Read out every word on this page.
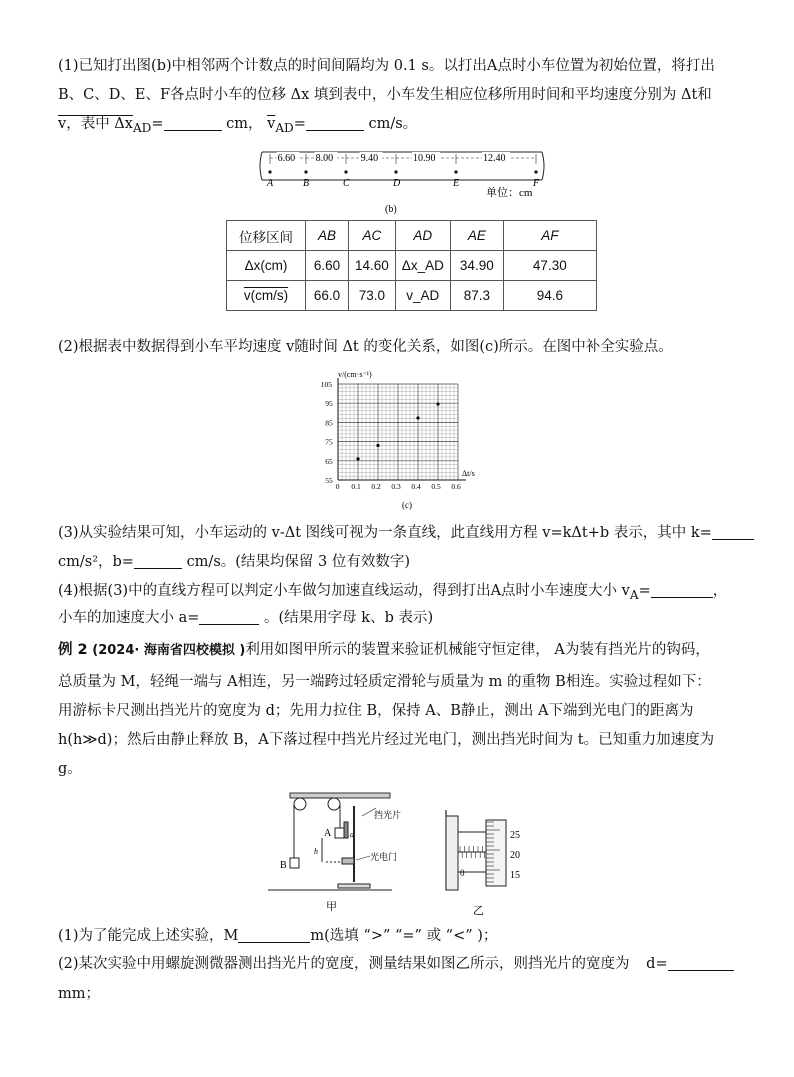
(1)已知打出图(b)中相邻两个计数点的时间间隔均为 0.1 s。以打出A点时小车位置为初始位置，将打出
B、C、D、E、F各点时小车的位移 Δx 填到表中，小车发生相应位移所用时间和平均速度分别为 Δt和
v，表中 $\Delta x_{AD}=$	cm， $\overline{v}_{AD}=$	cm/s。
A	B	C	D	E	F
6.60 8.00	9.40	10.90	12.40
单位：cm
(b)
位移区间	AB	AC	AD	AE	AF
Δx(cm)	6.60	14.60	Δx_AD	34.90	47.30
v(cm/s)	66.0	73.0	v_AD	87.3	94.6
(2)根据表中数据得到小车平均速度 v随时间 Δt 的变化关系，如图(c)所示。在图中补全实验点。
0 0.1 0.2 0.3 0.4 0.5 0.6
55
65
75
85
95
105
v/(cm·s⁻¹)
Δt/s
(c)
(3)从实验结果可知，小车运动的 v-Δt 图线可视为一条直线，此直线用方程 v=kΔt+b 表示，其中 k=
cm/s²，b=	cm/s。(结果均保留 3 位有效数字)
(4)根据(3)中的直线方程可以判定小车做匀加速直线运动，得到打出A点时小车速度大小 $v_A=$	，
小车的加速度大小 a=	。(结果用字母 k、b 表示)
例 2 (2024· 海南省四校模拟 )利用如图甲所示的装置来验证机械能守恒定律， A为装有挡光片的钩码，
总质量为 M，轻绳一端与 A相连，另一端跨过轻质定滑轮与质量为 m 的重物 B相连。实验过程如下：
用游标卡尺测出挡光片的宽度为 d；先用力拉住 B，保持 A、B静止，测出 A下端到光电门的距离为
h(h≫d)；然后由静止释放 B，A下落过程中挡光片经过光电门，测出挡光时间为 t。已知重力加速度为
g。
B
A d
h
挡光片
光电门
甲
0
25
20
15
乙
(1)为了能完成上述实验，M	m(选填 “>” “=” 或 “<” )；
(2)某次实验中用螺旋测微器测出挡光片的宽度，测量结果如图乙所示，则挡光片的宽度为 d=
mm；
